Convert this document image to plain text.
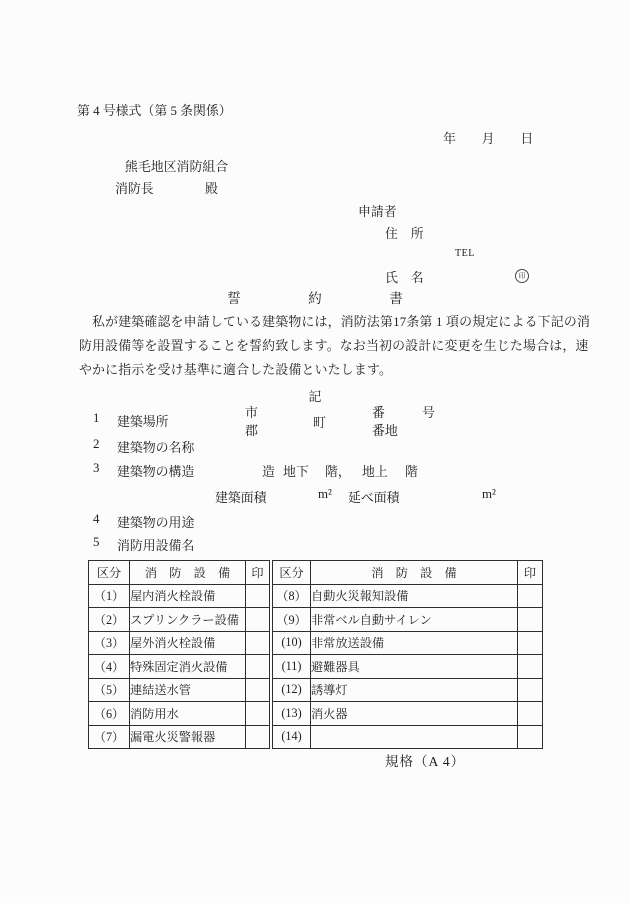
第 4 号様式（第 5 条関係）
年　　月　　日
熊毛地区消防組合
消防長	殿
申請者
住　所
TEL
氏　名	印
誓　　　　　約　　　　　書
私が建築確認を申請している建築物には，消防法第17条第 1 項の規定による下記の消
防用設備等を設置することを誓約致します。なお当初の設計に変更を生じた場合は，速
やかに指示を受け基準に適合した設備といたします。
記
1 建築場所
市
郡
町
番	号
番地
2 建築物の名称
3 建築物の構造	造 地下 階， 地上 階
建築面積	m² 延べ面積	m²
4 建築物の用途
5 消防用設備名
区分	消　防　設　備	印
（1）	屋内消火栓設備	
（2）	スプリンクラー設備	
（3）	屋外消火栓設備	
（4）	特殊固定消火設備	
（5）	連結送水管	
（6）	消防用水	
（7）	漏電火災警報器	
区分	消　防　設　備	印
（8）	自動火災報知設備	
（9）	非常ベル自動サイレン	
(10)	非常放送設備	
(11)	避難器具	
(12)	誘導灯	
(13)	消火器	
(14)		
規格（A 4）
